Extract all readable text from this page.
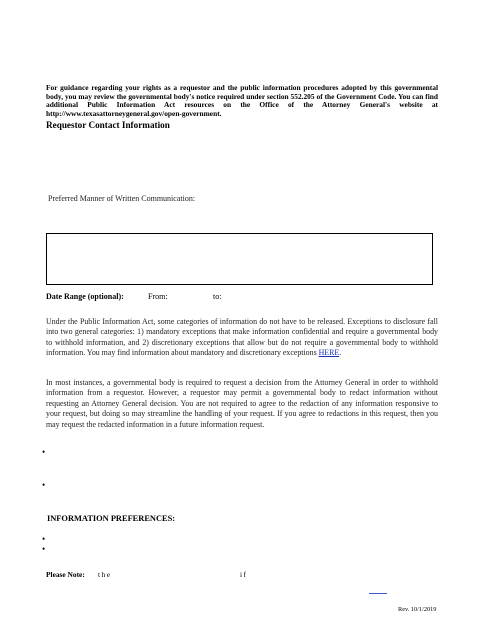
For guidance regarding your rights as a requestor and the public information procedures adopted by this governmental body, you may review the governmental body's notice required under section 552.205 of the Government Code. You can find additional Public Information Act resources on the Office of the Attorney General's website at http://www.texasattorneygeneral.gov/open-government.
Requestor Contact Information
Preferred Manner of Written Communication:
Date Range (optional):	From:	to:
Under the Public Information Act, some categories of information do not have to be released. Exceptions to disclosure fall into two general categories: 1) mandatory exceptions that make information confidential and require a governmental body to withhold information, and 2) discretionary exceptions that allow but do not require a governmental body to withhold information. You may find information about mandatory and discretionary exceptions HERE.
In most instances, a governmental body is required to request a decision from the Attorney General in order to withhold information from a requestor. However, a requestor may permit a governmental body to redact information without requesting an Attorney General decision. You are not required to agree to the redaction of any information responsive to your request, but doing so may streamline the handling of your request. If you agree to redactions in this request, then you may request the redacted information in a future information request.
•
•
INFORMATION PREFERENCES:
•
•
Please Note: the	if
Rev. 10/1/2019
